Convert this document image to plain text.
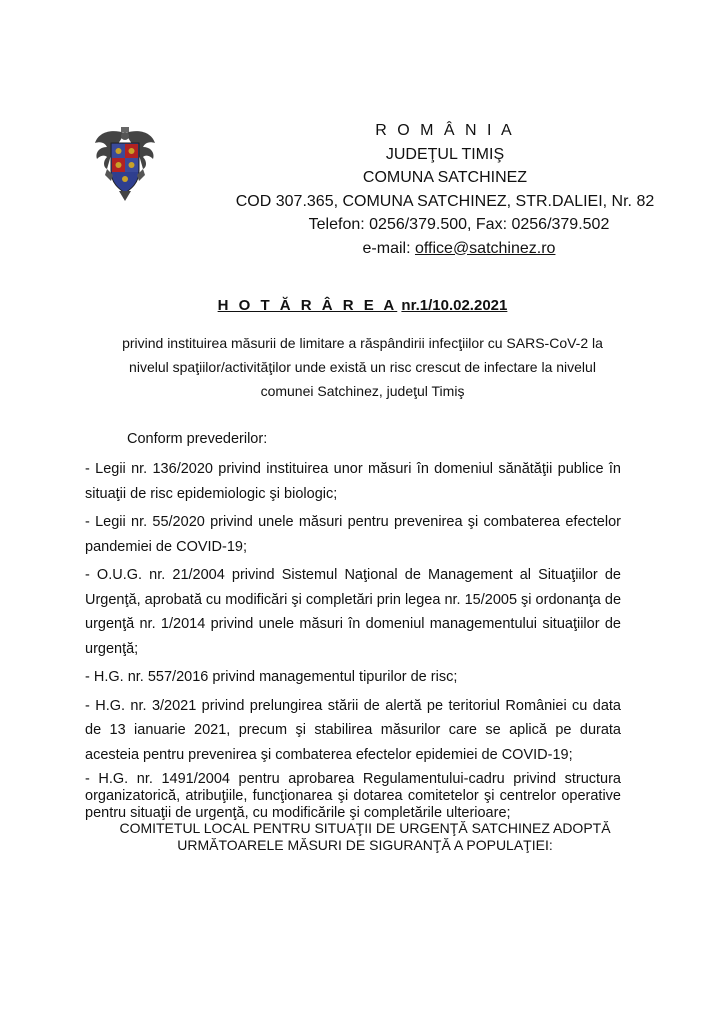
R O M Â N I A
JUDEŢUL TIMIŞ
COMUNA SATCHINEZ
COD 307.365, COMUNA SATCHINEZ, STR.DALIEI, Nr. 82
Telefon: 0256/379.500, Fax: 0256/379.502
e-mail: office@satchinez.ro
H O T Ă R Â R E A nr.1/10.02.2021
privind instituirea măsurii de limitare a răspândirii infecţiilor cu SARS-CoV-2 la nivelul spaţiilor/activităţilor unde există un risc crescut de infectare la nivelul comunei Satchinez, judeţul Timiş
Conform prevederilor:

- Legii nr. 136/2020 privind instituirea unor măsuri în domeniul sănătăţii publice în situaţii de risc epidemiologic şi biologic;

- Legii nr. 55/2020 privind unele măsuri pentru prevenirea şi combaterea efectelor pandemiei de COVID-19;

- O.U.G. nr. 21/2004 privind Sistemul Naţional de Management al Situaţiilor de Urgenţă, aprobată cu modificări şi completări prin legea nr. 15/2005 şi ordonanţa de urgenţă nr. 1/2014 privind unele măsuri în domeniul managementului situaţiilor de urgenţă;

- H.G. nr. 557/2016 privind managementul tipurilor de risc;

- H.G. nr. 3/2021 privind prelungirea stării de alertă pe teritoriul României cu data de 13 ianuarie 2021, precum şi stabilirea măsurilor care se aplică pe durata acesteia pentru prevenirea şi combaterea efectelor epidemiei de COVID-19;

- H.G. nr. 1491/2004 pentru aprobarea Regulamentului-cadru privind structura organizatorică, atribuţiile, funcţionarea şi dotarea comitetelor şi centrelor operative pentru situaţii de urgenţă, cu modificările şi completările ulterioare;

COMITETUL LOCAL PENTRU SITUAŢII DE URGENŢĂ SATCHINEZ ADOPTĂ
URMĂTOARELE MĂSURI DE SIGURANŢĂ A POPULAŢIEI:
